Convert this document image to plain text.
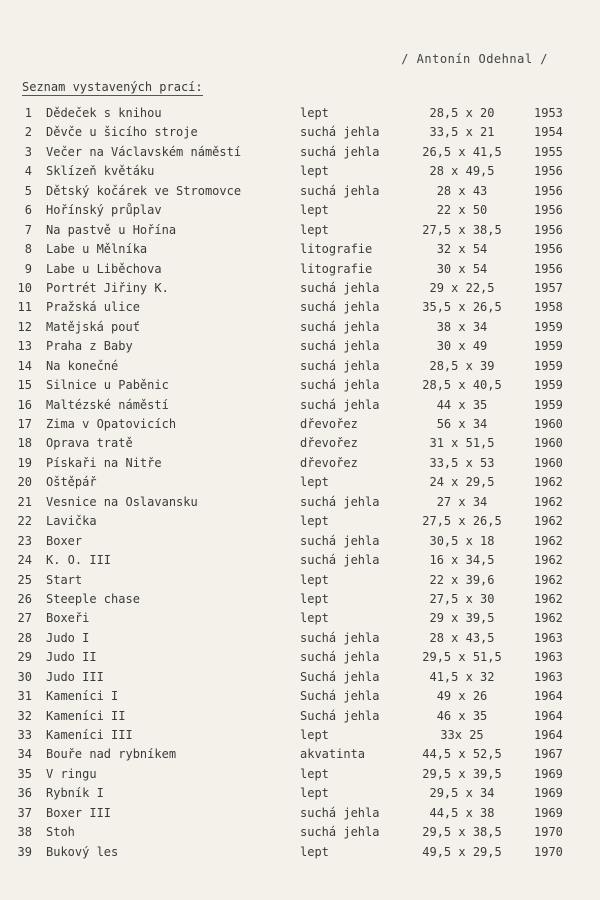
/ Antonín Odehnal /
Seznam vystavených prací:
1 Dědeček s knihou	lept	28,5 x 20	1953
2 Děvče u šicího stroje	suchá jehla	33,5 x 21	1954
3 Večer na Václavském náměstí	suchá jehla	26,5 x 41,5	1955
4 Sklízeň květáku	lept	28 x 49,5	1956
5 Dětský kočárek ve Stromovce	suchá jehla	28 x 43	1956
6 Hořínský průplav	lept	22 x 50	1956
7 Na pastvě u Hořína	lept	27,5 x 38,5	1956
8 Labe u Mělníka	litografie	32 x 54	1956
9 Labe u Liběchova	litografie	30 x 54	1956
10 Portrét Jiřiny K.	suchá jehla	29 x 22,5	1957
11 Pražská ulice	suchá jehla	35,5 x 26,5	1958
12 Matějská pouť	suchá jehla	38 x 34	1959
13 Praha z Baby	suchá jehla	30 x 49	1959
14 Na konečné	suchá jehla	28,5 x 39	1959
15 Silnice u Paběnic	suchá jehla	28,5 x 40,5	1959
16 Maltézské náměstí	suchá jehla	44 x 35	1959
17 Zima v Opatovicích	dřevořez	56 x 34	1960
18 Oprava tratě	dřevořez	31 x 51,5	1960
19 Pískaři na Nitře	dřevořez	33,5 x 53	1960
20 Oštěpář	lept	24 x 29,5	1962
21 Vesnice na Oslavansku	suchá jehla	27 x 34	1962
22 Lavička	lept	27,5 x 26,5	1962
23 Boxer	suchá jehla	30,5 x 18	1962
24 K. O. III	suchá jehla	16 x 34,5	1962
25 Start	lept	22 x 39,6	1962
26 Steeple chase	lept	27,5 x 30	1962
27 Boxeři	lept	29 x 39,5	1962
28 Judo I	suchá jehla	28 x 43,5	1963
29 Judo II	suchá jehla	29,5 x 51,5	1963
30 Judo III	Suchá jehla	41,5 x 32	1963
31 Kameníci I	Suchá jehla	49 x 26	1964
32 Kameníci II	Suchá jehla	46 x 35	1964
33 Kameníci III	lept	33x 25	1964
34 Bouře nad rybníkem	akvatinta	44,5 x 52,5	1967
35 V ringu	lept	29,5 x 39,5	1969
36 Rybník I	lept	29,5 x 34	1969
37 Boxer III	suchá jehla	44,5 x 38	1969
38 Stoh	suchá jehla	29,5 x 38,5	1970
39 Bukový les	lept	49,5 x 29,5	1970
